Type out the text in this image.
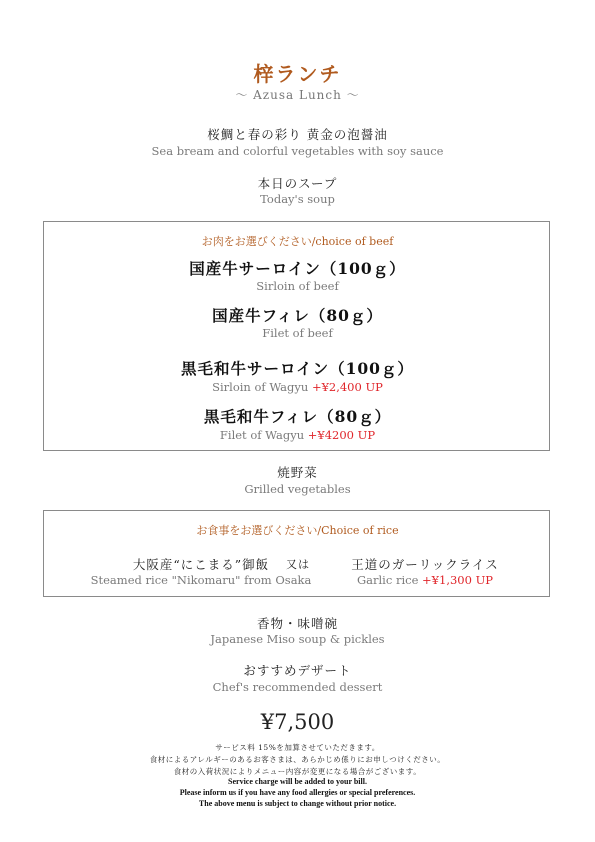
梓ランチ
～ Azusa Lunch ～
桜鯛と春の彩り 黄金の泡醤油
Sea bream and colorful vegetables with soy sauce
本日のスープ
Today's soup
お肉をお選びください/choice of beef
国産牛サーロイン（100ｇ）
Sirloin of beef
国産牛フィレ（80ｇ）
Filet of beef
黒毛和牛サーロイン（100ｇ）
Sirloin of Wagyu +¥2,400 UP
黒毛和牛フィレ（80ｇ）
Filet of Wagyu +¥4200 UP
焼野菜
Grilled vegetables
お食事をお選びください/Choice of rice
大阪産“にこまる”御飯	又は	王道のガーリックライス
Steamed rice "Nikomaru" from Osaka	Garlic rice +¥1,300 UP
香物・味噌碗
Japanese Miso soup & pickles
おすすめデザート
Chef's recommended dessert
¥7,500
サービス料 15%を加算させていただきます。
食材によるアレルギーのあるお客さまは、あらかじめ係りにお申しつけください。
食材の入荷状況によりメニュー内容が変更になる場合がございます。
Service charge will be added to your bill.
Please inform us if you have any food allergies or special preferences.
The above menu is subject to change without prior notice.
